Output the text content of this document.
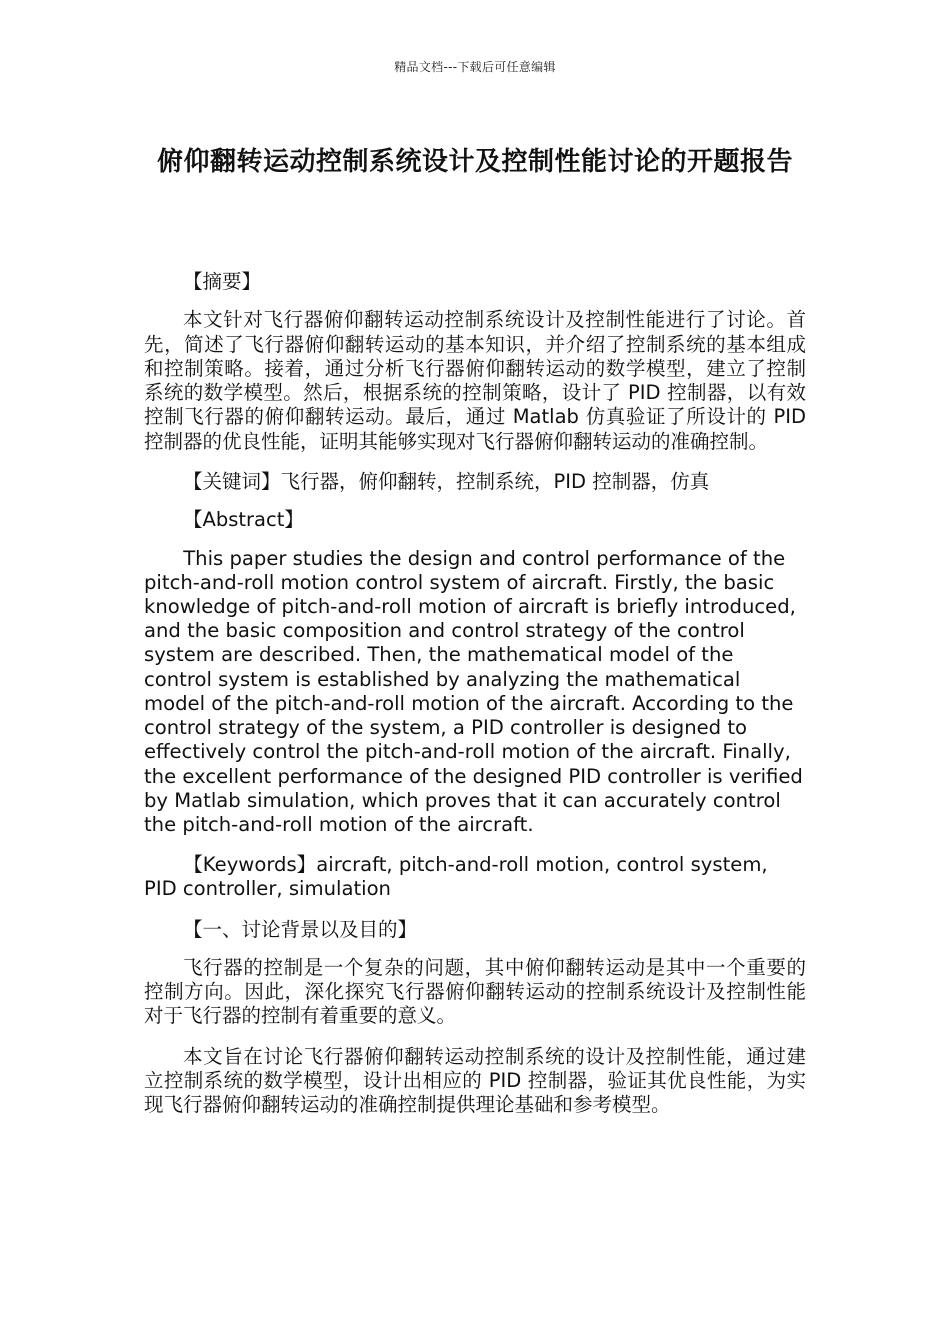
精品文档---下载后可任意编辑
俯仰翻转运动控制系统设计及控制性能讨论的开题报告

【摘要】

本文针对飞行器俯仰翻转运动控制系统设计及控制性能进行了讨论。首先，简述了飞行器俯仰翻转运动的基本知识，并介绍了控制系统的基本组成和控制策略。接着，通过分析飞行器俯仰翻转运动的数学模型，建立了控制系统的数学模型。然后，根据系统的控制策略，设计了 PID 控制器，以有效控制飞行器的俯仰翻转运动。最后，通过 Matlab 仿真验证了所设计的 PID 控制器的优良性能，证明其能够实现对飞行器俯仰翻转运动的准确控制。

【关键词】飞行器，俯仰翻转，控制系统，PID 控制器，仿真

【Abstract】

This paper studies the design and control performance of the pitch-and-roll motion control system of aircraft. Firstly, the basic knowledge of pitch-and-roll motion of aircraft is briefly introduced, and the basic composition and control strategy of the control system are described. Then, the mathematical model of the control system is established by analyzing the mathematical model of the pitch-and-roll motion of the aircraft. According to the control strategy of the system, a PID controller is designed to effectively control the pitch-and-roll motion of the aircraft. Finally, the excellent performance of the designed PID controller is verified by Matlab simulation, which proves that it can accurately control the pitch-and-roll motion of the aircraft.

【Keywords】aircraft, pitch-and-roll motion, control system, PID controller, simulation

【一、讨论背景以及目的】

飞行器的控制是一个复杂的问题，其中俯仰翻转运动是其中一个重要的控制方向。因此，深化探究飞行器俯仰翻转运动的控制系统设计及控制性能对于飞行器的控制有着重要的意义。

本文旨在讨论飞行器俯仰翻转运动控制系统的设计及控制性能，通过建立控制系统的数学模型，设计出相应的 PID 控制器，验证其优良性能，为实现飞行器俯仰翻转运动的准确控制提供理论基础和参考模型。
